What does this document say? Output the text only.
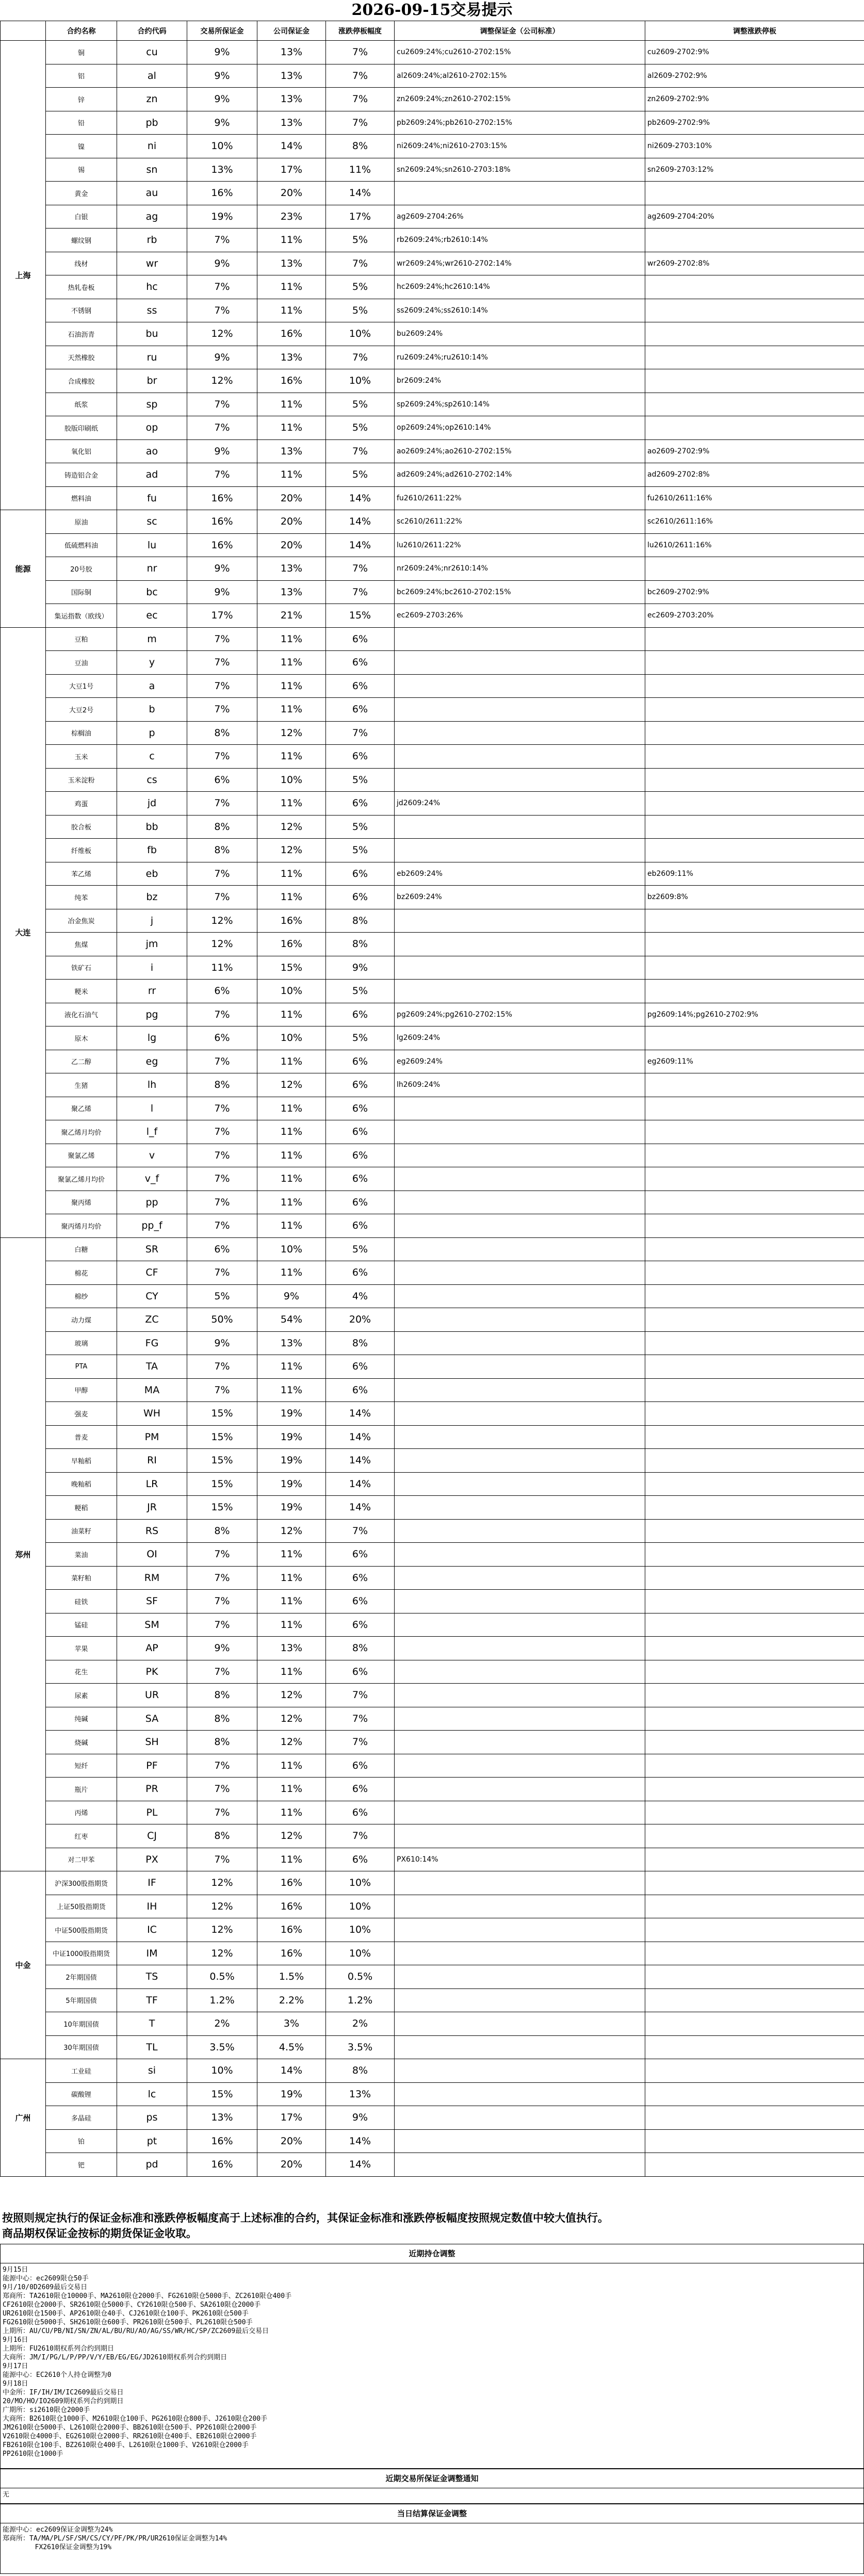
2026-09-15交易提示
	合约名称	合约代码	交易所保证金	公司保证金	涨跌停板幅度	调整保证金（公司标准）	调整涨跌停板
上海	铜	cu	9%	13%	7%	cu2609:24%;cu2610-2702:15%	cu2609-2702:9%
	铝	al	9%	13%	7%	al2609:24%;al2610-2702:15%	al2609-2702:9%
	锌	zn	9%	13%	7%	zn2609:24%;zn2610-2702:15%	zn2609-2702:9%
	铅	pb	9%	13%	7%	pb2609:24%;pb2610-2702:15%	pb2609-2702:9%
	镍	ni	10%	14%	8%	ni2609:24%;ni2610-2703:15%	ni2609-2703:10%
	锡	sn	13%	17%	11%	sn2609:24%;sn2610-2703:18%	sn2609-2703:12%
	黄金	au	16%	20%	14%		
	白银	ag	19%	23%	17%	ag2609-2704:26%	ag2609-2704:20%
	螺纹钢	rb	7%	11%	5%	rb2609:24%;rb2610:14%	
	线材	wr	9%	13%	7%	wr2609:24%;wr2610-2702:14%	wr2609-2702:8%
	热轧卷板	hc	7%	11%	5%	hc2609:24%;hc2610:14%	
	不锈钢	ss	7%	11%	5%	ss2609:24%;ss2610:14%	
	石油沥青	bu	12%	16%	10%	bu2609:24%	
	天然橡胶	ru	9%	13%	7%	ru2609:24%;ru2610:14%	
	合成橡胶	br	12%	16%	10%	br2609:24%	
	纸浆	sp	7%	11%	5%	sp2609:24%;sp2610:14%	
	胶版印刷纸	op	7%	11%	5%	op2609:24%;op2610:14%	
	氧化铝	ao	9%	13%	7%	ao2609:24%;ao2610-2702:15%	ao2609-2702:9%
	铸造铝合金	ad	7%	11%	5%	ad2609:24%;ad2610-2702:14%	ad2609-2702:8%
	燃料油	fu	16%	20%	14%	fu2610/2611:22%	fu2610/2611:16%
能源	原油	sc	16%	20%	14%	sc2610/2611:22%	sc2610/2611:16%
	低硫燃料油	lu	16%	20%	14%	lu2610/2611:22%	lu2610/2611:16%
	20号胶	nr	9%	13%	7%	nr2609:24%;nr2610:14%	
	国际铜	bc	9%	13%	7%	bc2609:24%;bc2610-2702:15%	bc2609-2702:9%
	集运指数（欧线）	ec	17%	21%	15%	ec2609-2703:26%	ec2609-2703:20%
大连	豆粕	m	7%	11%	6%		
	豆油	y	7%	11%	6%		
	大豆1号	a	7%	11%	6%		
	大豆2号	b	7%	11%	6%		
	棕榈油	p	8%	12%	7%		
	玉米	c	7%	11%	6%		
	玉米淀粉	cs	6%	10%	5%		
	鸡蛋	jd	7%	11%	6%	jd2609:24%	
	胶合板	bb	8%	12%	5%		
	纤维板	fb	8%	12%	5%		
	苯乙烯	eb	7%	11%	6%	eb2609:24%	eb2609:11%
	纯苯	bz	7%	11%	6%	bz2609:24%	bz2609:8%
	冶金焦炭	j	12%	16%	8%		
	焦煤	jm	12%	16%	8%		
	铁矿石	i	11%	15%	9%		
	粳米	rr	6%	10%	5%		
	液化石油气	pg	7%	11%	6%	pg2609:24%;pg2610-2702:15%	pg2609:14%;pg2610-2702:9%
	原木	lg	6%	10%	5%	lg2609:24%	
	乙二醇	eg	7%	11%	6%	eg2609:24%	eg2609:11%
	生猪	lh	8%	12%	6%	lh2609:24%	
	聚乙烯	l	7%	11%	6%		
	聚乙烯月均价	l_f	7%	11%	6%		
	聚氯乙烯	v	7%	11%	6%		
	聚氯乙烯月均价	v_f	7%	11%	6%		
	聚丙烯	pp	7%	11%	6%		
	聚丙烯月均价	pp_f	7%	11%	6%		
郑州	白糖	SR	6%	10%	5%		
	棉花	CF	7%	11%	6%		
	棉纱	CY	5%	9%	4%		
	动力煤	ZC	50%	54%	20%		
	玻璃	FG	9%	13%	8%		
	PTA	TA	7%	11%	6%		
	甲醇	MA	7%	11%	6%		
	强麦	WH	15%	19%	14%		
	普麦	PM	15%	19%	14%		
	早籼稻	RI	15%	19%	14%		
	晚籼稻	LR	15%	19%	14%		
	粳稻	JR	15%	19%	14%		
	油菜籽	RS	8%	12%	7%		
	菜油	OI	7%	11%	6%		
	菜籽粕	RM	7%	11%	6%		
	硅铁	SF	7%	11%	6%		
	锰硅	SM	7%	11%	6%		
	苹果	AP	9%	13%	8%		
	花生	PK	7%	11%	6%		
	尿素	UR	8%	12%	7%		
	纯碱	SA	8%	12%	7%		
	烧碱	SH	8%	12%	7%		
	短纤	PF	7%	11%	6%		
	瓶片	PR	7%	11%	6%		
	丙烯	PL	7%	11%	6%		
	红枣	CJ	8%	12%	7%		
	对二甲苯	PX	7%	11%	6%	PX610:14%	
中金	沪深300股指期货	IF	12%	16%	10%		
	上证50股指期货	IH	12%	16%	10%		
	中证500股指期货	IC	12%	16%	10%		
	中证1000股指期货	IM	12%	16%	10%		
	2年期国债	TS	0.5%	1.5%	0.5%		
	5年期国债	TF	1.2%	2.2%	1.2%		
	10年期国债	T	2%	3%	2%		
	30年期国债	TL	3.5%	4.5%	3.5%		
广州	工业硅	si	10%	14%	8%		
	碳酸锂	lc	15%	19%	13%		
	多晶硅	ps	13%	17%	9%		
	铂	pt	16%	20%	14%		
	钯	pd	16%	20%	14%		
按照则规定执行的保证金标准和涨跌停板幅度高于上述标准的合约，其保证金标准和涨跌停板幅度按照规定数值中较大值执行。
商品期权保证金按标的期货保证金收取。
近期持仓调整
9月15日
能源中心：ec2609限仓50手
9月/10/0D2609最后交易日
郑商所：TA2610限仓10000手、MA2610限仓2000手、FG2610限仓5000手、ZC2610限仓400手
CF2610限仓2000手、SR2610限仓5000手、CY2610限仓500手、SA2610限仓2000手
UR2610限仓1500手、AP2610限仓40手、CJ2610限仓100手、PK2610限仓500手
FG2610限仓5000手、SH2610限仓600手、PR2610限仓500手、PL2610限仓500手
上期所：AU/CU/PB/NI/SN/ZN/AL/BU/RU/AO/AG/SS/WR/HC/SP/ZC2609最后交易日
9月16日
上期所：FU2610期权系列合约到期日
大商所：JM/I/PG/L/P/PP/V/Y/EB/EG/EG/JD2610期权系列合约到期日
9月17日
能源中心：EC2610个人持仓调整为0
9月18日
中金所：IF/IH/IM/IC2609最后交易日
20/MO/HO/IO2609期权系列合约到期日
广期所：si2610限仓2000手
大商所：B2610限仓1000手、M2610限仓100手、PG2610限仓800手、J2610限仓200手
JM2610限仓5000手、L2610限仓2000手、BB2610限仓500手、PP2610限仓2000手
V2610限仓4000手、EG2610限仓2000手、RR2610限仓400手、EB2610限仓2000手
FB2610限仓100手、BZ2610限仓400手、L2610限仓1000手、V2610限仓2000手
PP2610限仓1000手
近期交易所保证金调整通知
无
当日结算保证金调整
能源中心：ec2609保证金调整为24%
郑商所：TA/MA/PL/SF/SM/CS/CY/PF/PK/PR/UR2610保证金调整为14%
FX2610保证金调整为19%
